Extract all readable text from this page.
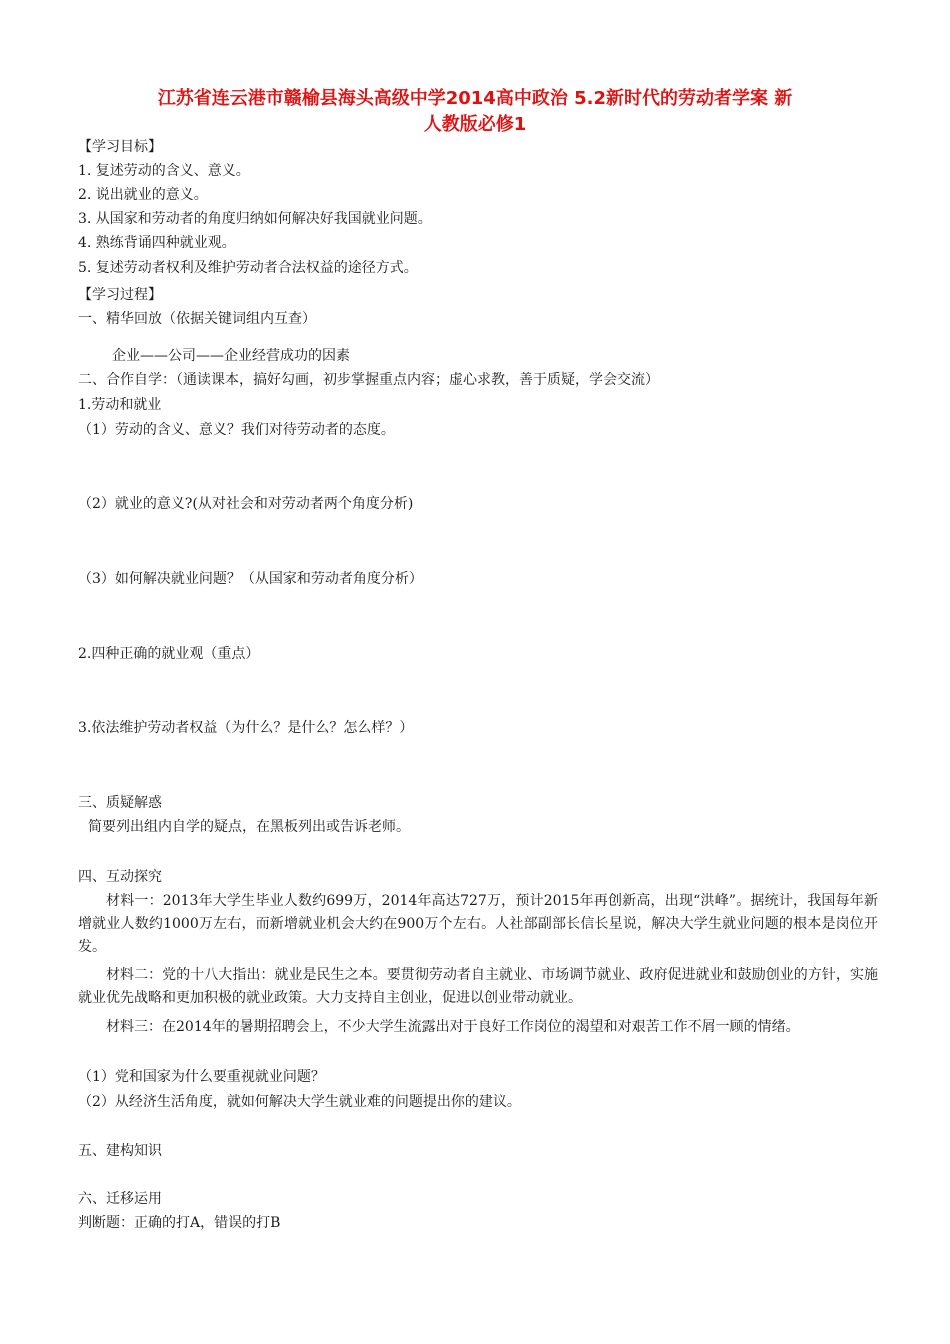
江苏省连云港市赣榆县海头高级中学2014高中政治 5.2新时代的劳动者学案 新
人教版必修1
【学习目标】
1. 复述劳动的含义、意义。
2. 说出就业的意义。
3. 从国家和劳动者的角度归纳如何解决好我国就业问题。
4. 熟练背诵四种就业观。
5. 复述劳动者权利及维护劳动者合法权益的途径方式。
【学习过程】
一、精华回放（依据关键词组内互查）
企业——公司——企业经营成功的因素
二、合作自学：（通读课本，搞好勾画，初步掌握重点内容；虚心求教，善于质疑，学会交流）
1.劳动和就业
（1）劳动的含义、意义？我们对待劳动者的态度。
（2）就业的意义?(从对社会和对劳动者两个角度分析)
（3）如何解决就业问题？（从国家和劳动者角度分析）
2.四种正确的就业观（重点）
3.依法维护劳动者权益（为什么？是什么？怎么样？）
三、质疑解惑
简要列出组内自学的疑点，在黑板列出或告诉老师。
四、互动探究
材料一：2013年大学生毕业人数约699万，2014年高达727万，预计2015年再创新高，出现“洪峰”。据统计，我国每年新增就业人数约1000万左右，而新增就业机会大约在900万个左右。人社部副部长信长星说，解决大学生就业问题的根本是岗位开发。
材料二：党的十八大指出：就业是民生之本。要贯彻劳动者自主就业、市场调节就业、政府促进就业和鼓励创业的方针，实施就业优先战略和更加积极的就业政策。大力支持自主创业，促进以创业带动就业。
材料三：在2014年的暑期招聘会上，不少大学生流露出对于良好工作岗位的渴望和对艰苦工作不屑一顾的情绪。
（1）党和国家为什么要重视就业问题？
（2）从经济生活角度，就如何解决大学生就业难的问题提出你的建议。
五、建构知识
六、迁移运用
判断题：正确的打A，错误的打B
